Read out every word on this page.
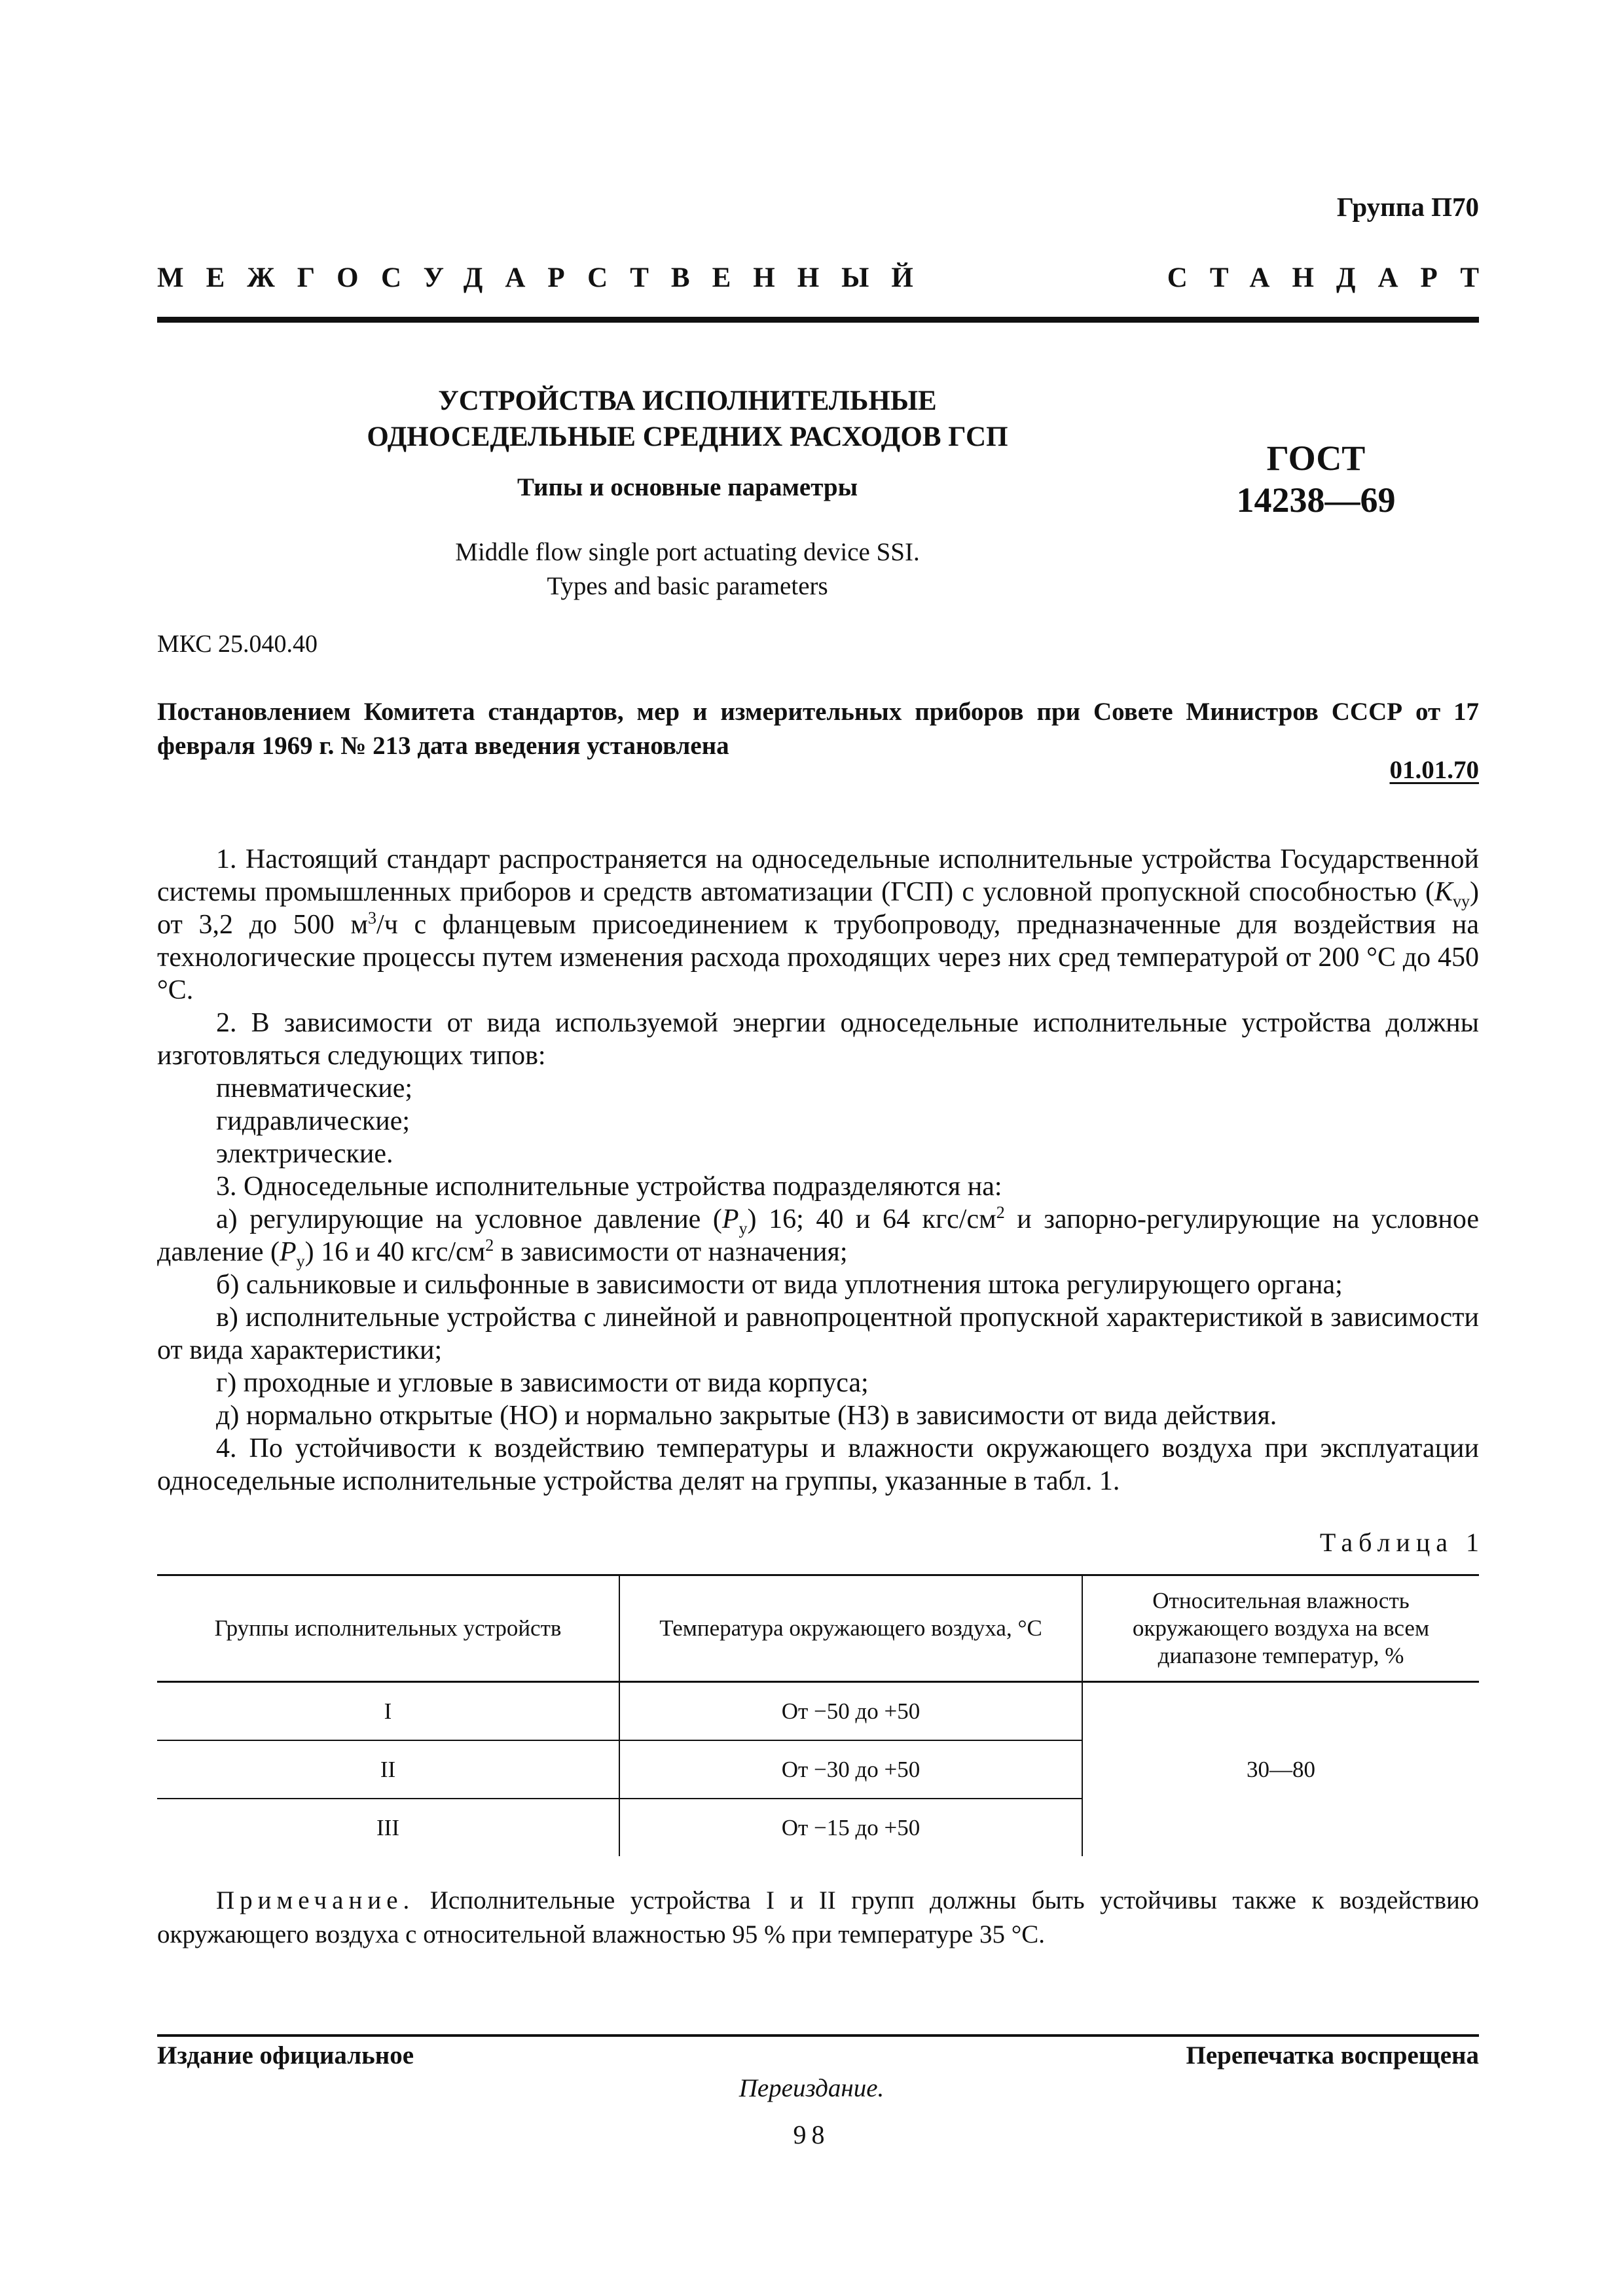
Группа П70
МЕЖГОСУДАРСТВЕННЫЙ	СТАНДАРТ
УСТРОЙСТВА ИСПОЛНИТЕЛЬНЫЕ
ОДНОСЕДЕЛЬНЫЕ СРЕДНИХ РАСХОДОВ ГСП
Типы и основные параметры
Middle flow single port actuating device SSI.
Types and basic parameters
ГОСТ
14238—69
МКС 25.040.40
Постановлением Комитета стандартов, мер и измерительных приборов при Совете Министров СССР от 17 февраля 1969 г. № 213 дата введения установлена
01.01.70

1. Настоящий стандарт распространяется на односедельные исполнительные устройства Государственной системы промышленных приборов и средств автоматизации (ГСП) с условной пропускной способностью $(K_{vy})$ от 3,2 до 500 $м^3/ч$ с фланцевым присоединением к трубопроводу, предназначенные для воздействия на технологические процессы путем изменения расхода проходящих через них сред температурой от 200 °С до 450 °С.

2. В зависимости от вида используемой энергии односедельные исполнительные устройства должны изготовляться следующих типов:

пневматические;

гидравлические;

электрические.

3. Односедельные исполнительные устройства подразделяются на:

а) регулирующие на условное давление $(P_y)$ 16; 40 и 64 кгс/$см^2$ и запорно-регулирующие на условное давление $(P_y)$ 16 и 40 кгс/$см^2$ в зависимости от назначения;

б) сальниковые и сильфонные в зависимости от вида уплотнения штока регулирующего органа;

в) исполнительные устройства с линейной и равнопроцентной пропускной характеристикой в зависимости от вида характеристики;

г) проходные и угловые в зависимости от вида корпуса;

д) нормально открытые (НО) и нормально закрытые (НЗ) в зависимости от вида действия.

4. По устойчивости к воздействию температуры и влажности окружающего воздуха при эксплуатации односедельные исполнительные устройства делят на группы, указанные в табл. 1.

Таблица 1
Группы исполнительных устройств	Температура окружающего воздуха, °С	Относительная влажность окружающего воздуха на всем диапазоне температур, %
I	От −50 до +50	30—80
II	От −30 до +50	
III	От −15 до +50	
Примечание. Исполнительные устройства I и II групп должны быть устойчивы также к воздействию окружающего воздуха с относительной влажностью 95 % при температуре 35 °С.
Издание официальное	Перепечатка воспрещена
Переиздание.
98
